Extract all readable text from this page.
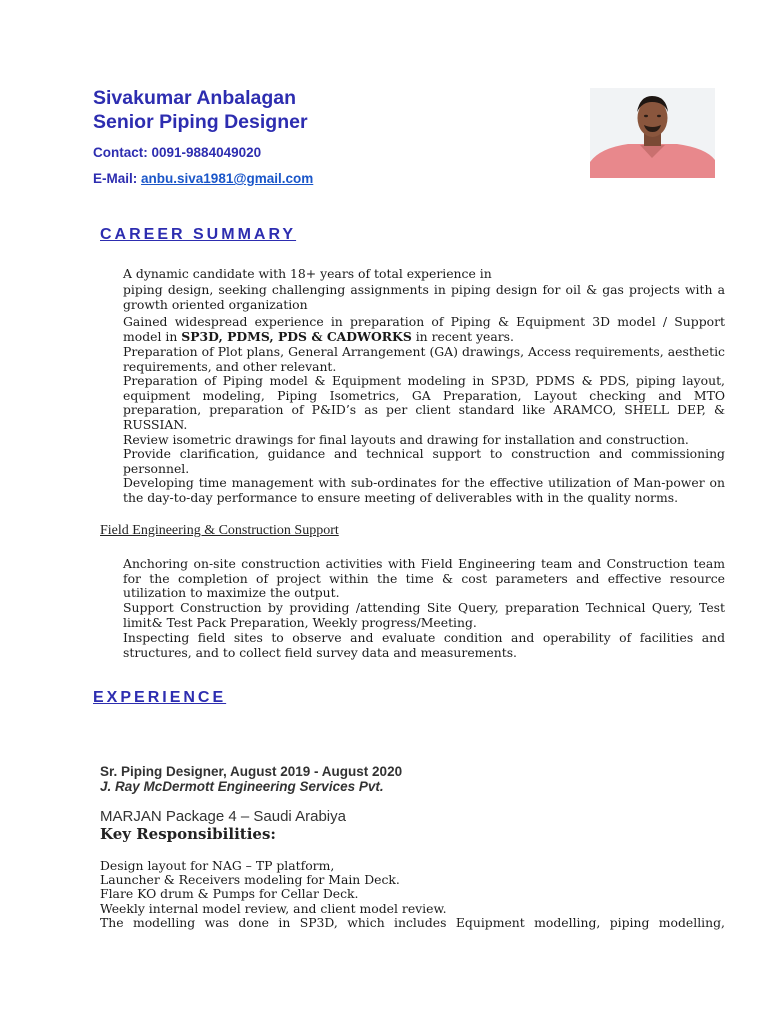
Sivakumar Anbalagan
Senior Piping Designer
Contact: 0091-9884049020
E-Mail: anbu.siva1981@gmail.com
CAREER SUMMARY
A dynamic candidate with 18+ years of total experience in
piping design, seeking challenging assignments in piping design for oil & gas projects with a growth oriented organization
Gained widespread experience in preparation of Piping & Equipment 3D model / Support model in SP3D, PDMS, PDS & CADWORKS in recent years.
Preparation of Plot plans, General Arrangement (GA) drawings, Access requirements, aesthetic requirements, and other relevant.
Preparation of Piping model & Equipment modeling in SP3D, PDMS & PDS, piping layout, equipment modeling, Piping Isometrics, GA Preparation, Layout checking and MTO preparation, preparation of P&ID’s as per client standard like ARAMCO, SHELL DEP, & RUSSIAN.
Review isometric drawings for final layouts and drawing for installation and construction.
Provide clarification, guidance and technical support to construction and commissioning personnel.
Developing time management with sub-ordinates for the effective utilization of Man-power on the day-to-day performance to ensure meeting of deliverables with in the quality norms.
Field Engineering & Construction Support
Anchoring on-site construction activities with Field Engineering team and Construction team for the completion of project within the time & cost parameters and effective resource utilization to maximize the output.
Support Construction by providing /attending Site Query, preparation Technical Query, Test limit& Test Pack Preparation, Weekly progress/Meeting.
Inspecting field sites to observe and evaluate condition and operability of facilities and structures, and to collect field survey data and measurements.
EXPERIENCE
Sr. Piping Designer, August 2019 - August 2020
J. Ray McDermott Engineering Services Pvt.
MARJAN Package 4 – Saudi Arabiya
Key Responsibilities:
Design layout for NAG – TP platform,
Launcher & Receivers modeling for Main Deck.
Flare KO drum & Pumps for Cellar Deck.
Weekly internal model review, and client model review.
The modelling was done in SP3D, which includes Equipment modelling, piping modelling,
